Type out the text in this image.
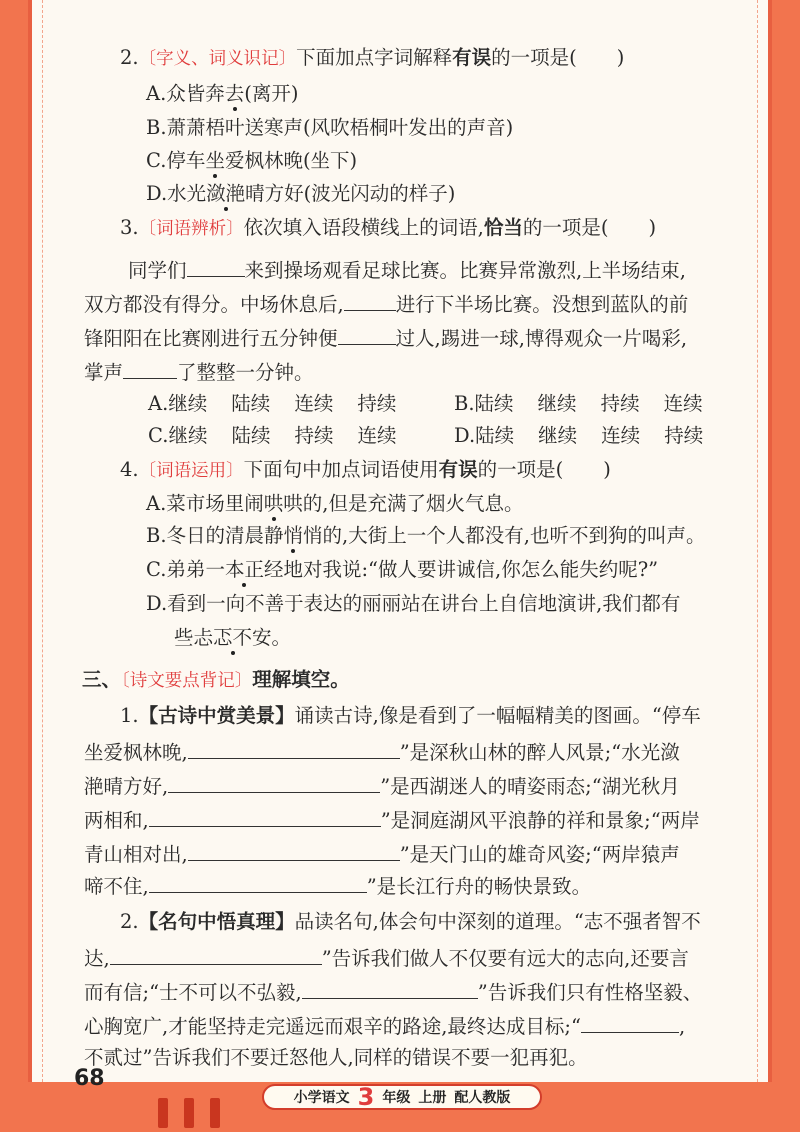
2.〔字义、词义识记〕下面加点字词解释有误的一项是( )
A.众皆奔去(离开)
B.萧萧梧叶送寒声(风吹梧桐叶发出的声音)
C.停车坐爱枫林晚(坐下)
D.水光潋滟晴方好(波光闪动的样子)
3.〔词语辨析〕依次填入语段横线上的词语,恰当的一项是( )
同学们	来到操场观看足球比赛。比赛异常激烈,上半场结束,
双方都没有得分。中场休息后,	进行下半场比赛。没想到蓝队的前
锋阳阳在比赛刚进行五分钟便	过人,踢进一球,博得观众一片喝彩,
掌声	了整整一分钟。
A.继续 陆续 连续 持续	B.陆续 继续 持续 连续
C.继续 陆续 持续 连续	D.陆续 继续 连续 持续
4.〔词语运用〕下面句中加点词语使用有误的一项是( )
A.菜市场里闹哄哄的,但是充满了烟火气息。
B.冬日的清晨静悄悄的,大街上一个人都没有,也听不到狗的叫声。
C.弟弟一本正经地对我说:“做人要讲诚信,你怎么能失约呢?”
D.看到一向不善于表达的丽丽站在讲台上自信地演讲,我们都有
些忐忑不安。
三、〔诗文要点背记〕理解填空。
1.【古诗中赏美景】诵读古诗,像是看到了一幅幅精美的图画。“停车
坐爱枫林晚,	”是深秋山林的醉人风景;“水光潋
滟晴方好,	”是西湖迷人的晴姿雨态;“湖光秋月
两相和,	”是洞庭湖风平浪静的祥和景象;“两岸
青山相对出,	”是天门山的雄奇风姿;“两岸猿声
啼不住,	”是长江行舟的畅快景致。
2.【名句中悟真理】品读名句,体会句中深刻的道理。“志不强者智不
达,	”告诉我们做人不仅要有远大的志向,还要言
而有信;“士不可以不弘毅,	”告诉我们只有性格坚毅、
心胸宽广,才能坚持走完遥远而艰辛的路途,最终达成目标;“	,
不贰过”告诉我们不要迁怒他人,同样的错误不要一犯再犯。
68
小学语文 3 年级 上册 配人教版
